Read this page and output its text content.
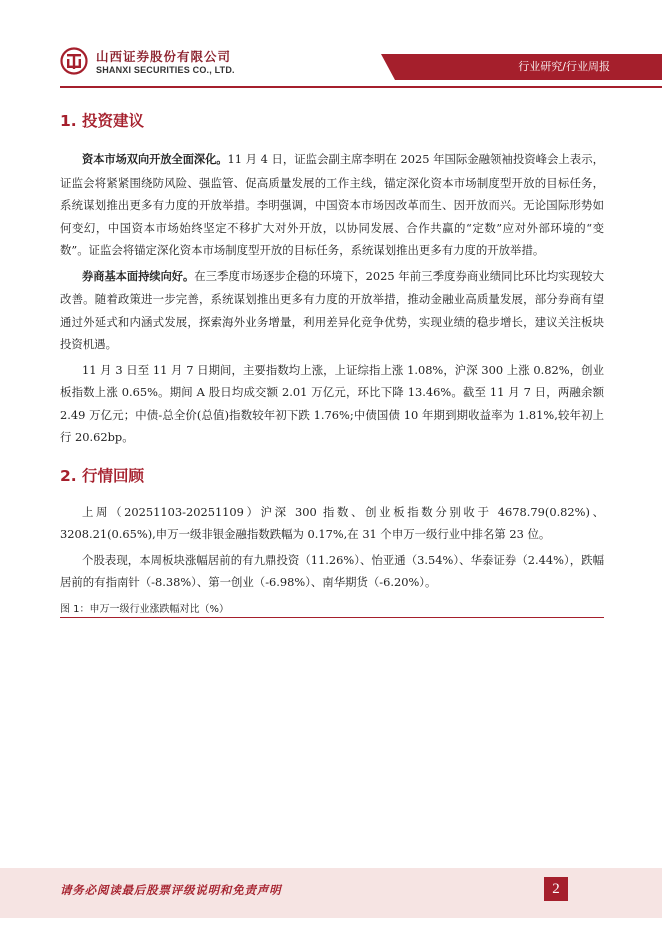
山西证券股份有限公司
SHANXI SECURITIES CO., LTD.	行业研究/行业周报
1. 投资建议

资本市场双向开放全面深化。11 月 4 日，证监会副主席李明在 2025 年国际金融领袖投资峰会上表示，证监会将紧紧围绕防风险、强监管、促高质量发展的工作主线，锚定深化资本市场制度型开放的目标任务，系统谋划推出更多有力度的开放举措。李明强调，中国资本市场因改革而生、因开放而兴。无论国际形势如何变幻，中国资本市场始终坚定不移扩大对外开放，以协同发展、合作共赢的“定数”应对外部环境的“变数”。证监会将锚定深化资本市场制度型开放的目标任务，系统谋划推出更多有力度的开放举措。

券商基本面持续向好。在三季度市场逐步企稳的环境下，2025 年前三季度券商业绩同比环比均实现较大改善。随着政策进一步完善，系统谋划推出更多有力度的开放举措，推动金融业高质量发展，部分券商有望通过外延式和内涵式发展，探索海外业务增量，利用差异化竞争优势，实现业绩的稳步增长，建议关注板块投资机遇。

11 月 3 日至 11 月 7 日期间，主要指数均上涨，上证综指上涨 1.08%，沪深 300 上涨 0.82%，创业板指数上涨 0.65%。期间 A 股日均成交额 2.01 万亿元，环比下降 13.46%。截至 11 月 7 日，两融余额 2.49 万亿元；中债-总全价(总值)指数较年初下跌 1.76%;中债国债 10 年期到期收益率为 1.81%,较年初上行 20.62bp。

2. 行情回顾

上周（20251103-20251109）沪深 300 指数、创业板指数分别收于 4678.79(0.82%)、3208.21(0.65%),申万一级非银金融指数跌幅为 0.17%,在 31 个申万一级行业中排名第 23 位。

个股表现，本周板块涨幅居前的有九鼎投资（11.26%）、怡亚通（3.54%）、华泰证券（2.44%），跌幅居前的有指南针（-8.38%）、第一创业（-6.98%）、南华期货（-6.20%）。

图 1：申万一级行业涨跌幅对比（%）
请务必阅读最后股票评级说明和免责声明	2
